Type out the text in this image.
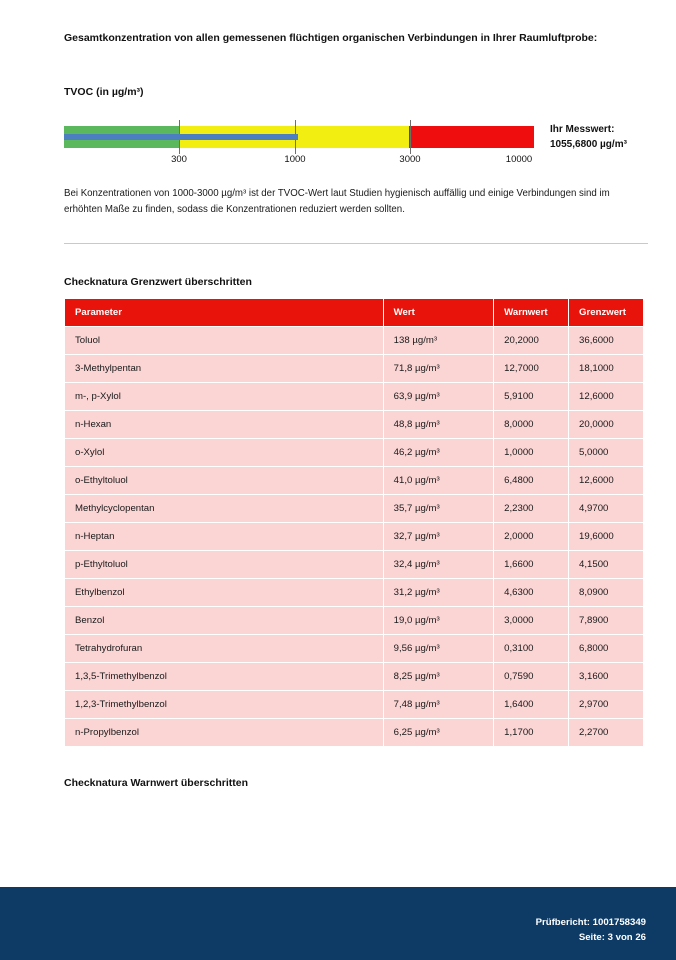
Gesamtkonzentration von allen gemessenen flüchtigen organischen Verbindungen in Ihrer Raumluftprobe:
TVOC (in µg/m³)
300	1000	3000	10000
Ihr Messwert:
1055,6800 µg/m³
Bei Konzentrationen von 1000-3000 µg/m³ ist der TVOC-Wert laut Studien hygienisch auffällig und einige Verbindungen sind im erhöhten Maße zu finden, sodass die Konzentrationen reduziert werden sollten.
Checknatura Grenzwert überschritten
Parameter	Wert	Warnwert	Grenzwert
Toluol	138 µg/m³	20,2000	36,6000
3-Methylpentan	71,8 µg/m³	12,7000	18,1000
m-, p-Xylol	63,9 µg/m³	5,9100	12,6000
n-Hexan	48,8 µg/m³	8,0000	20,0000
o-Xylol	46,2 µg/m³	1,0000	5,0000
o-Ethyltoluol	41,0 µg/m³	6,4800	12,6000
Methylcyclopentan	35,7 µg/m³	2,2300	4,9700
n-Heptan	32,7 µg/m³	2,0000	19,6000
p-Ethyltoluol	32,4 µg/m³	1,6600	4,1500
Ethylbenzol	31,2 µg/m³	4,6300	8,0900
Benzol	19,0 µg/m³	3,0000	7,8900
Tetrahydrofuran	9,56 µg/m³	0,3100	6,8000
1,3,5-Trimethylbenzol	8,25 µg/m³	0,7590	3,1600
1,2,3-Trimethylbenzol	7,48 µg/m³	1,6400	2,9700
n-Propylbenzol	6,25 µg/m³	1,1700	2,2700
Checknatura Warnwert überschritten
Prüfbericht: 1001758349
Seite: 3 von 26
